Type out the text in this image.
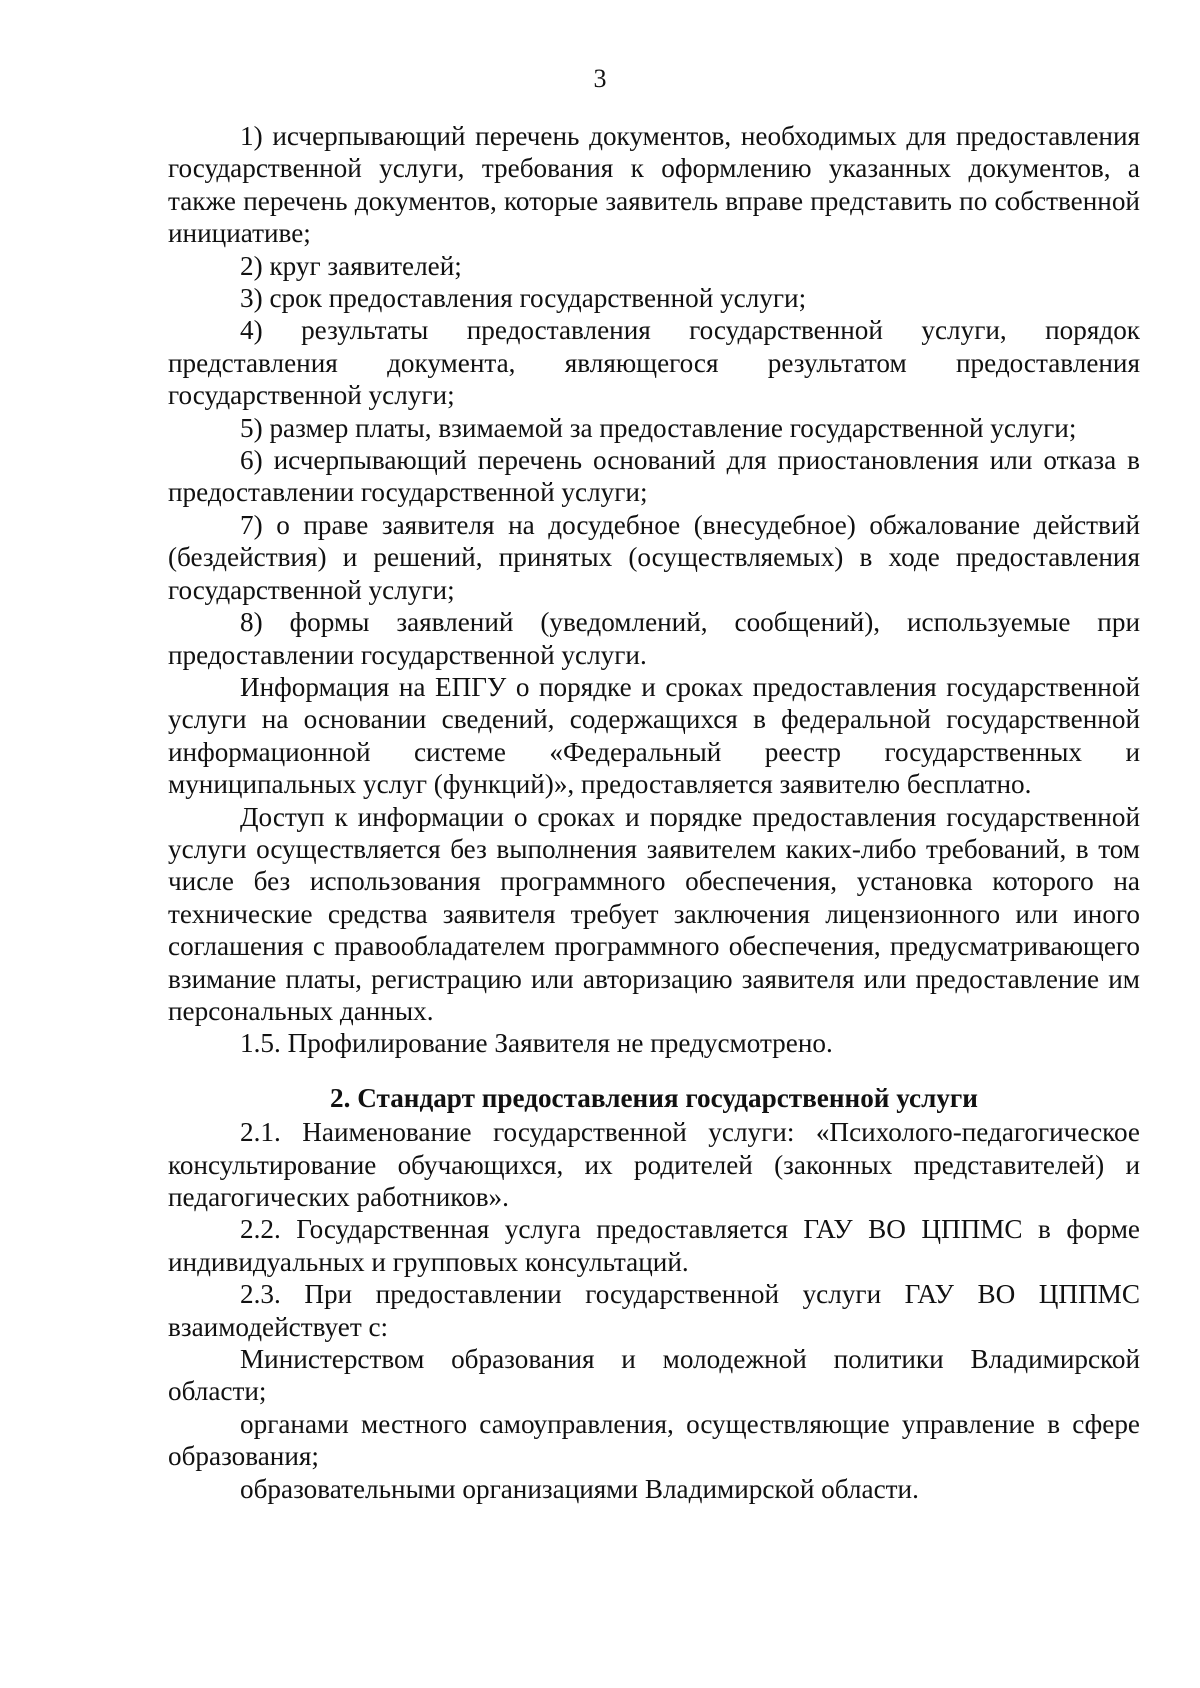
3

1) исчерпывающий перечень документов, необходимых для предоставления государственной услуги, требования к оформлению указанных документов, а также перечень документов, которые заявитель вправе представить по собственной инициативе;

2) круг заявителей;

3) срок предоставления государственной услуги;

4) результаты предоставления государственной услуги, порядок представления документа, являющегося результатом предоставления государственной услуги;

5) размер платы, взимаемой за предоставление государственной услуги;

6) исчерпывающий перечень оснований для приостановления или отказа в предоставлении государственной услуги;

7) о праве заявителя на досудебное (внесудебное) обжалование действий (бездействия) и решений, принятых (осуществляемых) в ходе предоставления государственной услуги;

8) формы заявлений (уведомлений, сообщений), используемые при предоставлении государственной услуги.

Информация на ЕПГУ о порядке и сроках предоставления государственной услуги на основании сведений, содержащихся в федеральной государственной информационной системе «Федеральный реестр государственных и муниципальных услуг (функций)», предоставляется заявителю бесплатно.

Доступ к информации о сроках и порядке предоставления государственной услуги осуществляется без выполнения заявителем каких-либо требований, в том числе без использования программного обеспечения, установка которого на технические средства заявителя требует заключения лицензионного или иного соглашения с правообладателем программного обеспечения, предусматривающего взимание платы, регистрацию или авторизацию заявителя или предоставление им персональных данных.

1.5. Профилирование Заявителя не предусмотрено.

2. Стандарт предоставления государственной услуги

2.1. Наименование государственной услуги: «Психолого-педагогическое консультирование обучающихся, их родителей (законных представителей) и педагогических работников».

2.2. Государственная услуга предоставляется ГАУ ВО ЦППМС в форме индивидуальных и групповых консультаций.

2.3. При предоставлении государственной услуги ГАУ ВО ЦППМС взаимодействует с:

Министерством образования и молодежной политики Владимирской области;

органами местного самоуправления, осуществляющие управление в сфере образования;

образовательными организациями Владимирской области.
